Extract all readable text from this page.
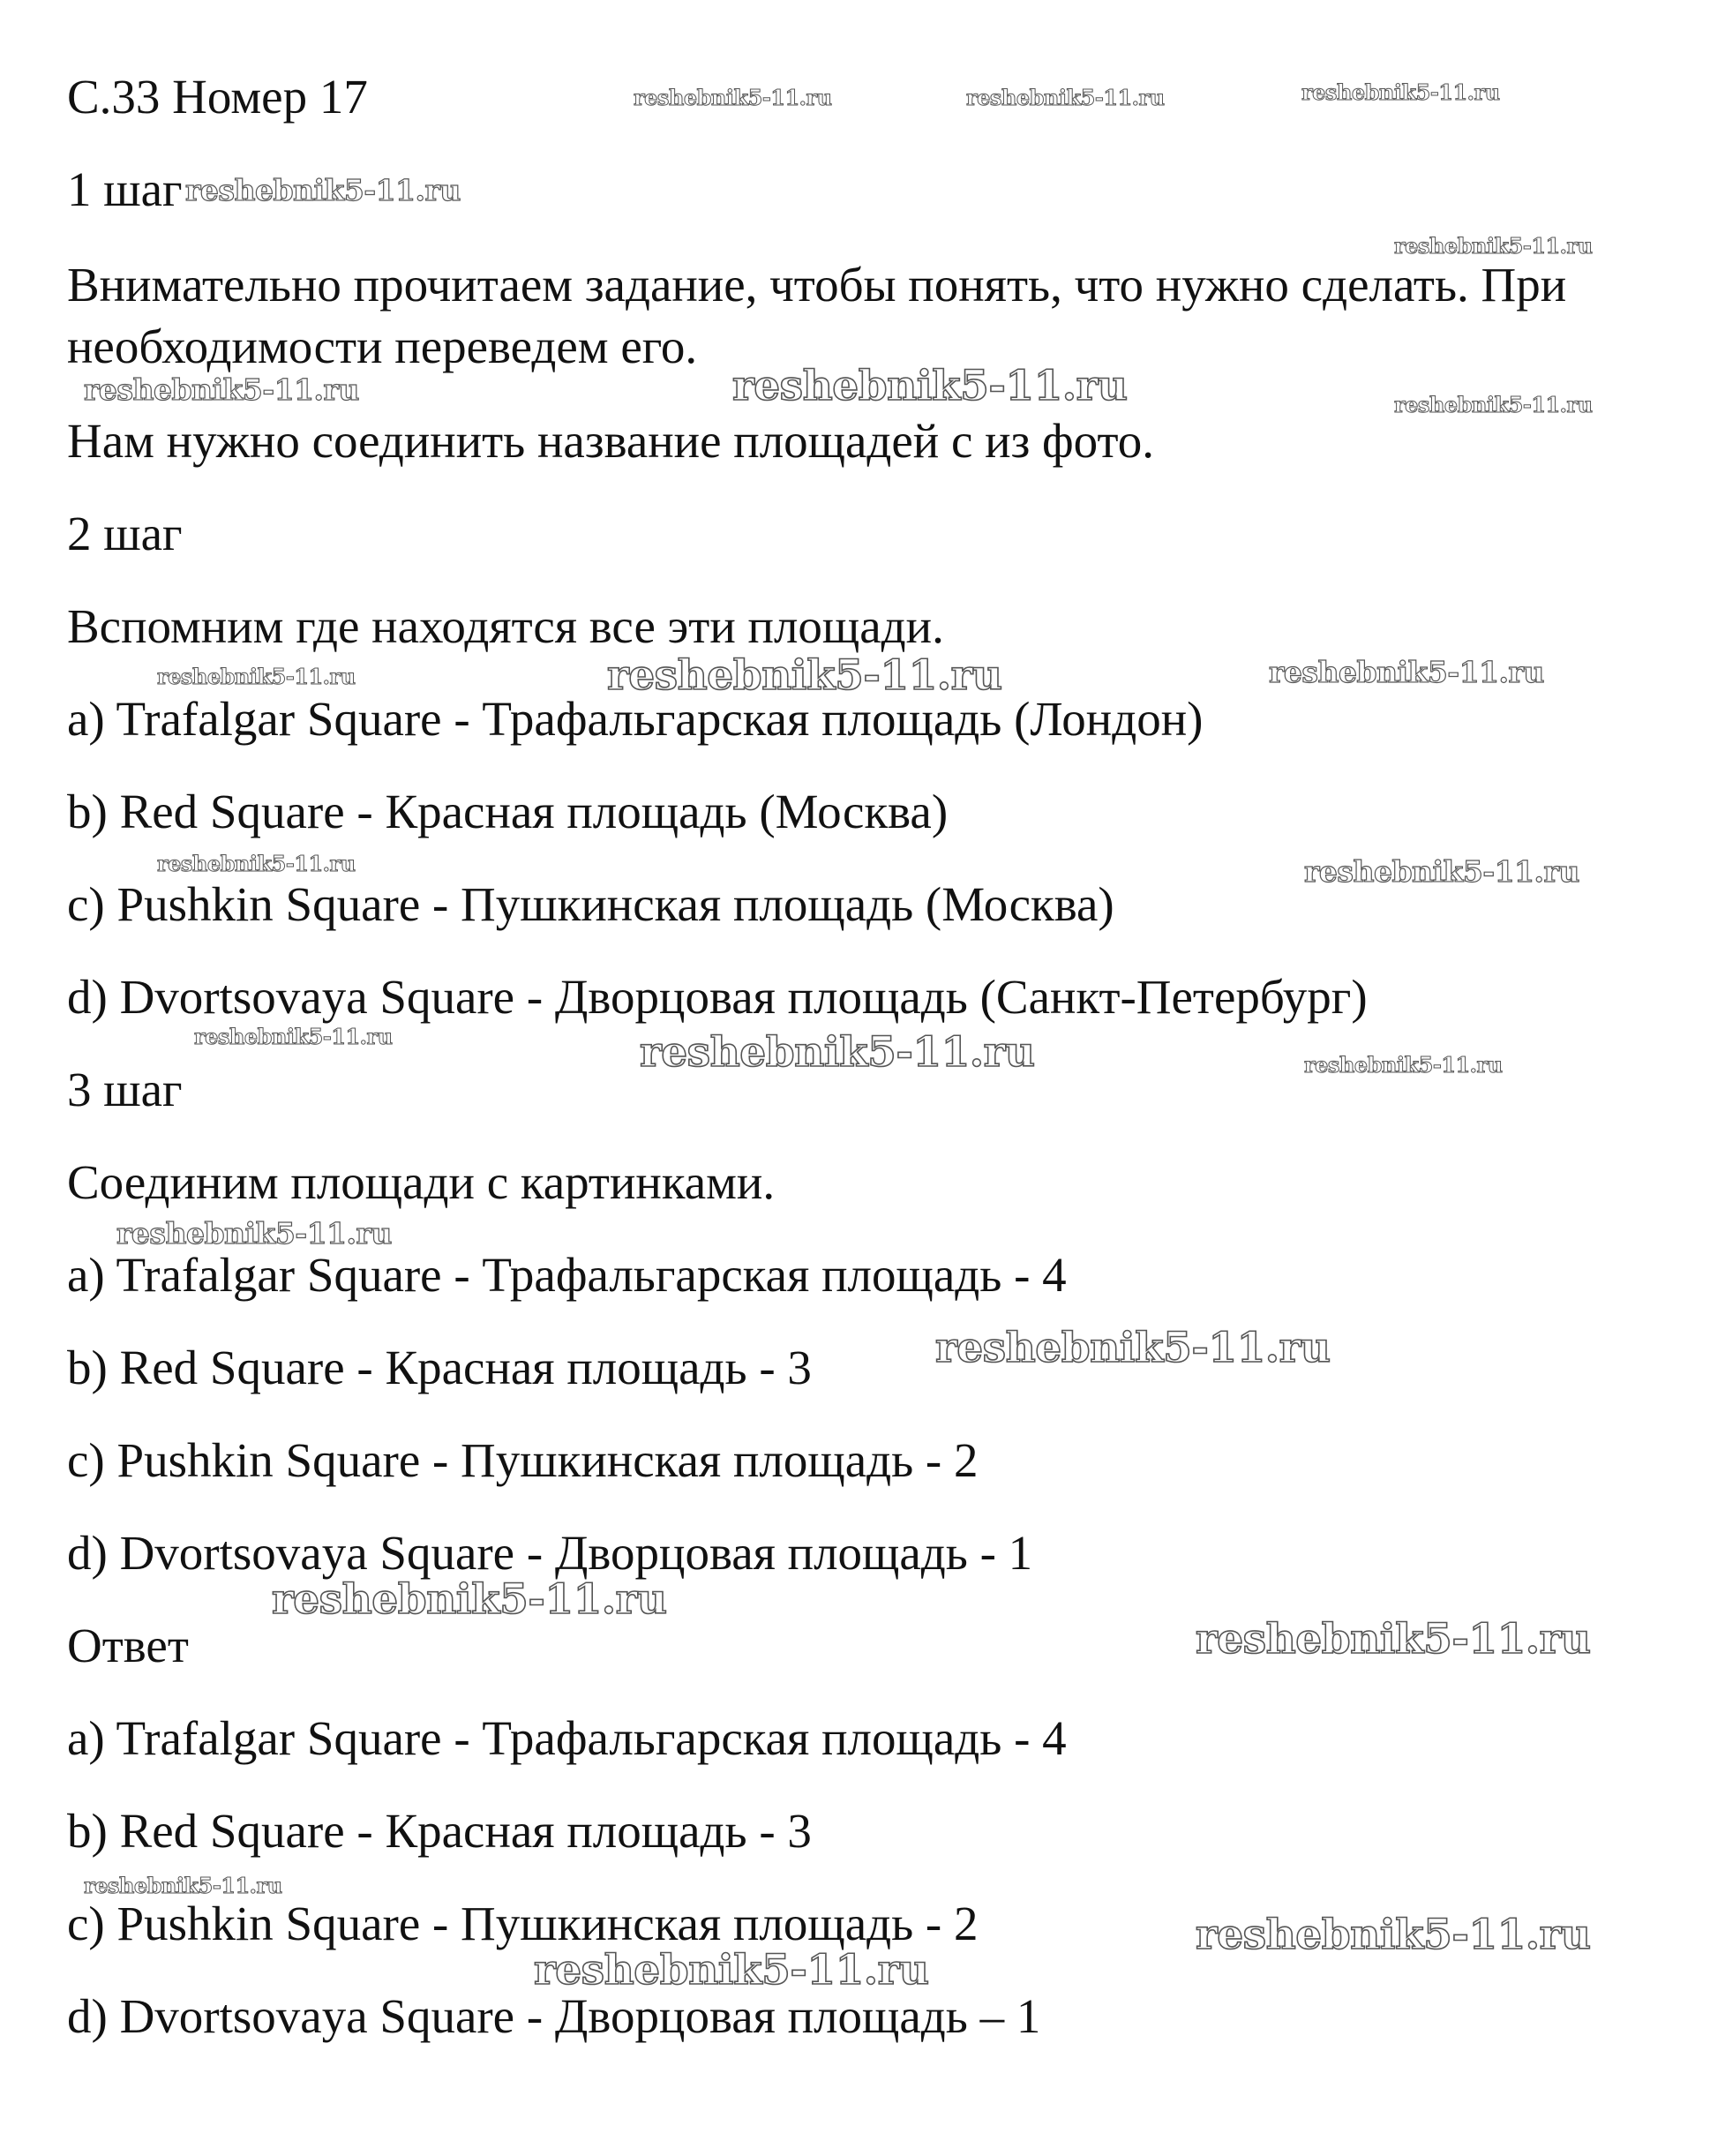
С.33 Номер 17
1 шаг
Внимательно прочитаем задание, чтобы понять, что нужно сделать. При
необходимости переведем его.
Нам нужно соединить название площадей с из фото.
2 шаг
Вспомним где находятся все эти площади.
a) Trafalgar Square - Трафальгарская площадь (Лондон)
b) Red Square - Красная площадь (Москва)
c) Pushkin Square - Пушкинская площадь (Москва)
d) Dvortsovaya Square - Дворцовая площадь (Санкт-Петербург)
3 шаг
Соединим площади с картинками.
a) Trafalgar Square - Трафальгарская площадь - 4
b) Red Square - Красная площадь - 3
c) Pushkin Square - Пушкинская площадь - 2
d) Dvortsovaya Square - Дворцовая площадь - 1
Ответ
a) Trafalgar Square - Трафальгарская площадь - 4
b) Red Square - Красная площадь - 3
c) Pushkin Square - Пушкинская площадь - 2
d) Dvortsovaya Square - Дворцовая площадь – 1
reshebnik5-11.ru	reshebnik5-11.ru	reshebnik5-11.ru
reshebnik5-11.ru
reshebnik5-11.ru
reshebnik5-11.ru	reshebnik5-11.ru	reshebnik5-11.ru
reshebnik5-11.ru	reshebnik5-11.ru	reshebnik5-11.ru
reshebnik5-11.ru	reshebnik5-11.ru
reshebnik5-11.ru	reshebnik5-11.ru	reshebnik5-11.ru
reshebnik5-11.ru
reshebnik5-11.ru
reshebnik5-11.ru
reshebnik5-11.ru
reshebnik5-11.ru
reshebnik5-11.ru
reshebnik5-11.ru
